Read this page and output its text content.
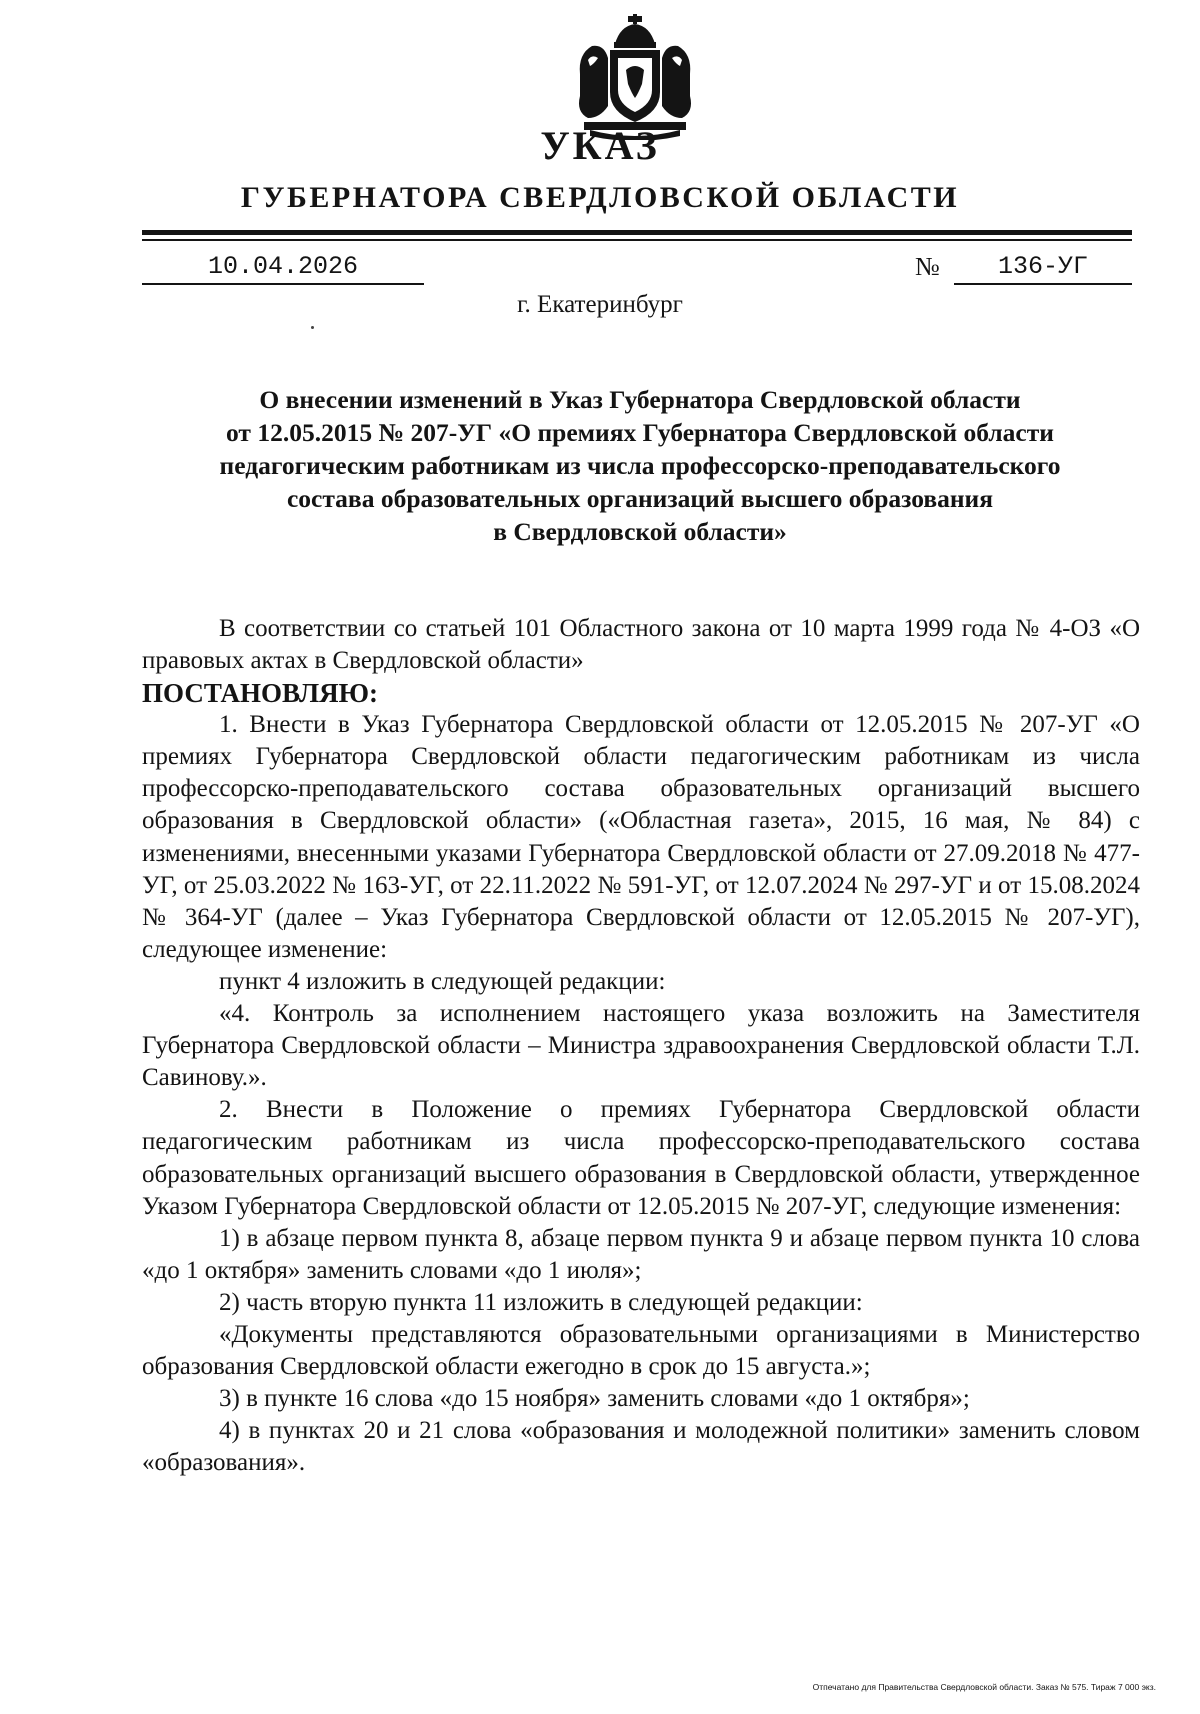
УКАЗ
ГУБЕРНАТОРА СВЕРДЛОВСКОЙ ОБЛАСТИ
10.04.2026	№	136-УГ
г. Екатеринбург
О внесении изменений в Указ Губернатора Свердловской области
от 12.05.2015 № 207-УГ «О премиях Губернатора Свердловской области
педагогическим работникам из числа профессорско-преподавательского
состава образовательных организаций высшего образования
в Свердловской области»
В соответствии со статьей 101 Областного закона от 10 марта 1999 года № 4-ОЗ «О правовых актах в Свердловской области»
ПОСТАНОВЛЯЮ:
1. Внести в Указ Губернатора Свердловской области от 12.05.2015 № 207-УГ «О премиях Губернатора Свердловской области педагогическим работникам из числа профессорско-преподавательского состава образовательных организаций высшего образования в Свердловской области» («Областная газета», 2015, 16 мая, № 84) с изменениями, внесенными указами Губернатора Свердловской области от 27.09.2018 № 477-УГ, от 25.03.2022 № 163-УГ, от 22.11.2022 № 591-УГ, от 12.07.2024 № 297-УГ и от 15.08.2024 № 364-УГ (далее – Указ Губернатора Свердловской области от 12.05.2015 № 207-УГ), следующее изменение:
пункт 4 изложить в следующей редакции:
«4. Контроль за исполнением настоящего указа возложить на Заместителя Губернатора Свердловской области – Министра здравоохранения Свердловской области Т.Л. Савинову.».
2. Внести в Положение о премиях Губернатора Свердловской области педагогическим работникам из числа профессорско-преподавательского состава образовательных организаций высшего образования в Свердловской области, утвержденное Указом Губернатора Свердловской области от 12.05.2015 № 207-УГ, следующие изменения:
1) в абзаце первом пункта 8, абзаце первом пункта 9 и абзаце первом пункта 10 слова «до 1 октября» заменить словами «до 1 июля»;
2) часть вторую пункта 11 изложить в следующей редакции:
«Документы представляются образовательными организациями в Министерство образования Свердловской области ежегодно в срок до 15 августа.»;
3) в пункте 16 слова «до 15 ноября» заменить словами «до 1 октября»;
4) в пунктах 20 и 21 слова «образования и молодежной политики» заменить словом «образования».
Отпечатано для Правительства Свердловской области. Заказ № 575. Тираж 7 000 экз.
